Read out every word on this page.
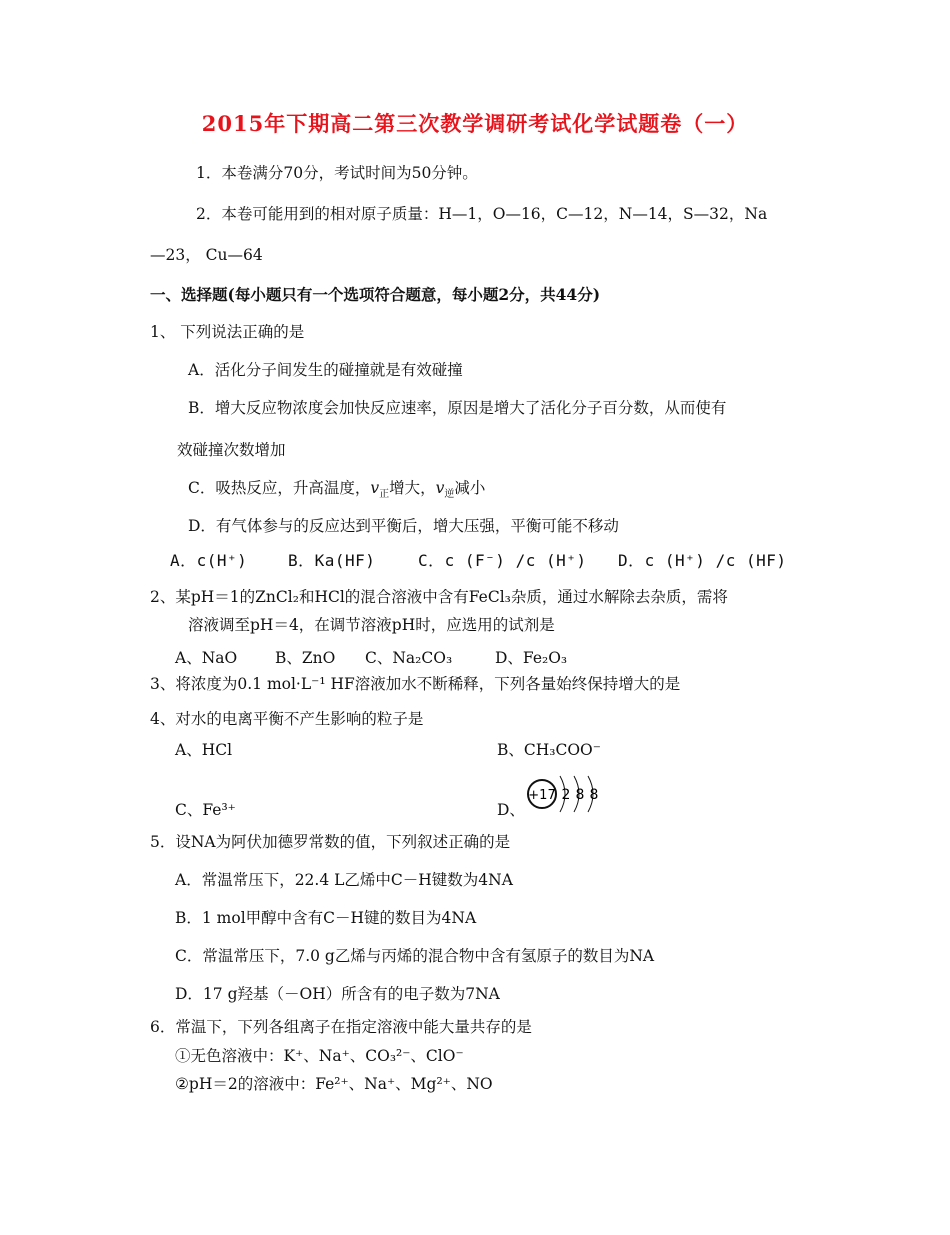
2015年下期高二第三次教学调研考试化学试题卷（一）
1．本卷满分70分，考试时间为50分钟。
2．本卷可能用到的相对原子质量：H—1，O—16，C—12，N—14，S—32，Na
—23， Cu—64
一、选择题(每小题只有一个选项符合题意，每小题2分，共44分)
1、 下列说法正确的是
A．活化分子间发生的碰撞就是有效碰撞
B．增大反应物浓度会加快反应速率，原因是增大了活化分子百分数，从而使有
效碰撞次数增加
C．吸热反应，升高温度，$v_正$增大，$v_逆$减小
D．有气体参与的反应达到平衡后，增大压强，平衡可能不移动
A．c(H⁺)	B．Ka(HF)	C．c (F⁻) /c (H⁺) D．c (H⁺) /c (HF)
2、某pH＝1的ZnCl₂和HCl的混合溶液中含有FeCl₃杂质，通过水解除去杂质，需将
溶液调至pH＝4，在调节溶液pH时，应选用的试剂是
A、NaO	B、ZnO	C、Na₂CO₃	D、Fe₂O₃
3、将浓度为0.1 mol·L⁻¹ HF溶液加水不断稀释，下列各量始终保持增大的是
4、对水的电离平衡不产生影响的粒子是
A、HCl	B、CH₃COO⁻
C、Fe³⁺	D、
+17 2 8 8
5．设NA为阿伏加德罗常数的值，下列叙述正确的是
A．常温常压下，22.4 L乙烯中C－H键数为4NA
B．1 mol甲醇中含有C－H键的数目为4NA
C．常温常压下，7.0 g乙烯与丙烯的混合物中含有氢原子的数目为NA
D．17 g羟基（－OH）所含有的电子数为7NA
6．常温下，下列各组离子在指定溶液中能大量共存的是
①无色溶液中：K⁺、Na⁺、CO₃²⁻、ClO⁻
②pH＝2的溶液中：Fe²⁺、Na⁺、Mg²⁺、NO
